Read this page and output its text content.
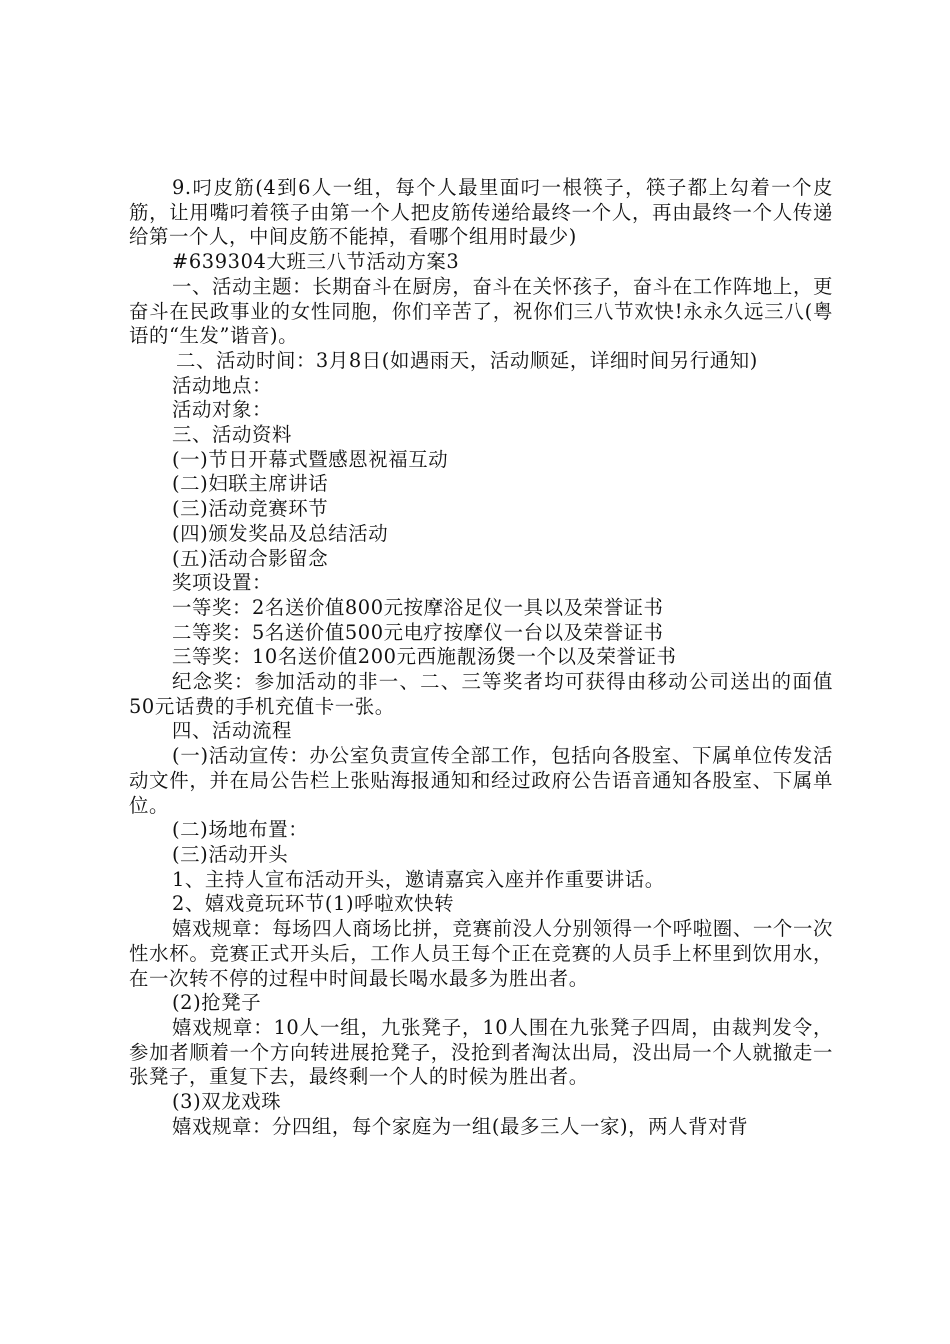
9.叼皮筋(4到6人一组，每个人最里面叼一根筷子，筷子都上勾着一个皮筋，让用嘴叼着筷子由第一个人把皮筋传递给最终一个人，再由最终一个人传递给第一个人，中间皮筋不能掉，看哪个组用时最少)

#639304大班三八节活动方案3

一、活动主题：长期奋斗在厨房，奋斗在关怀孩子，奋斗在工作阵地上，更奋斗在民政事业的女性同胞，你们辛苦了，祝你们三八节欢快!永永久远三八(粤语的“生发”谐音)。

二、活动时间：3月8日(如遇雨天，活动顺延，详细时间另行通知)

活动地点：

活动对象：

三、活动资料

(一)节日开幕式暨感恩祝福互动

(二)妇联主席讲话

(三)活动竞赛环节

(四)颁发奖品及总结活动

(五)活动合影留念

奖项设置：

一等奖：2名送价值800元按摩浴足仪一具以及荣誉证书

二等奖：5名送价值500元电疗按摩仪一台以及荣誉证书

三等奖：10名送价值200元西施靓汤煲一个以及荣誉证书

纪念奖：参加活动的非一、二、三等奖者均可获得由移动公司送出的面值50元话费的手机充值卡一张。

四、活动流程

(一)活动宣传：办公室负责宣传全部工作，包括向各股室、下属单位传发活动文件，并在局公告栏上张贴海报通知和经过政府公告语音通知各股室、下属单位。

(二)场地布置：

(三)活动开头

1、主持人宣布活动开头，邀请嘉宾入座并作重要讲话。

2、嬉戏竟玩环节(1)呼啦欢快转

嬉戏规章：每场四人商场比拼，竞赛前没人分别领得一个呼啦圈、一个一次性水杯。竞赛正式开头后，工作人员王每个正在竞赛的人员手上杯里到饮用水，在一次转不停的过程中时间最长喝水最多为胜出者。

(2)抢凳子

嬉戏规章：10人一组，九张凳子，10人围在九张凳子四周，由裁判发令，参加者顺着一个方向转进展抢凳子，没抢到者淘汰出局，没出局一个人就撤走一张凳子，重复下去，最终剩一个人的时候为胜出者。

(3)双龙戏珠

嬉戏规章：分四组，每个家庭为一组(最多三人一家)，两人背对背
